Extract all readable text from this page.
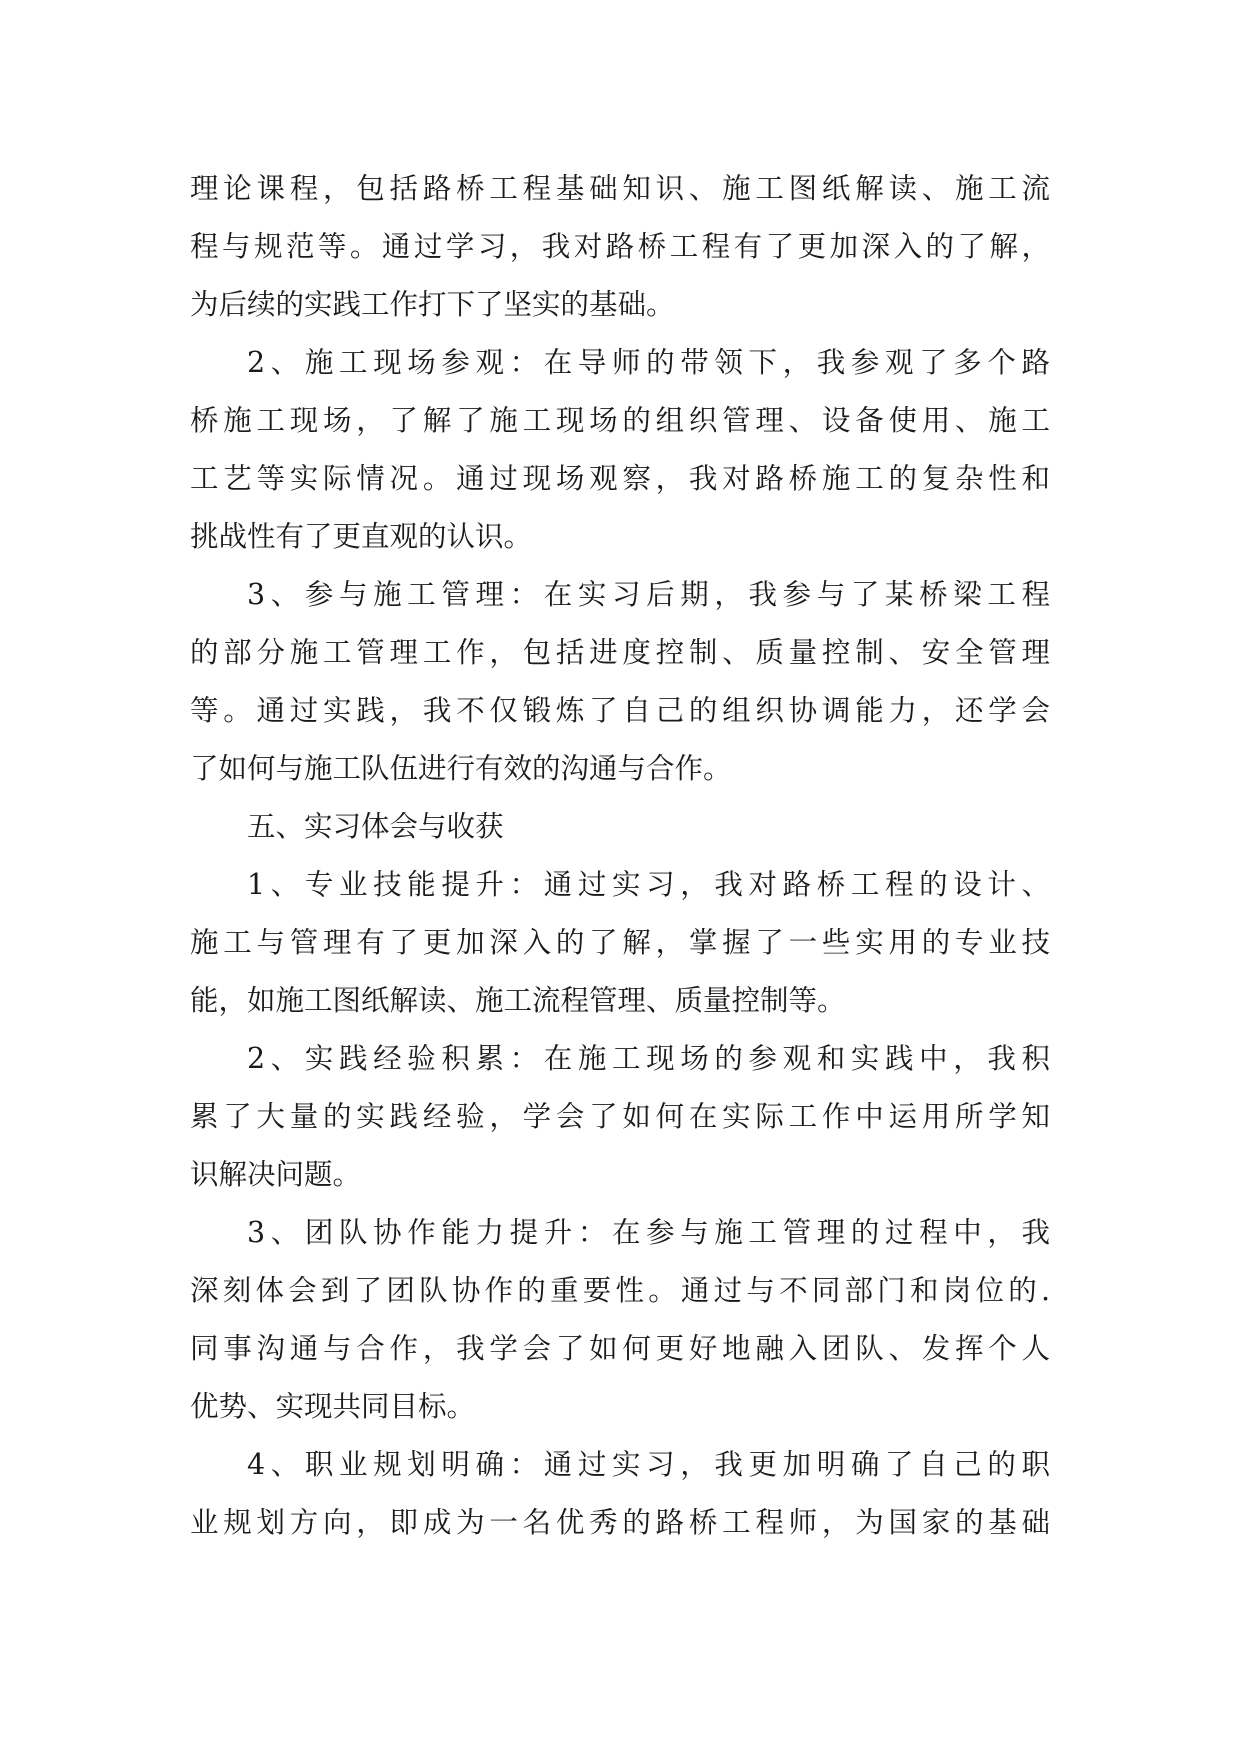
理论课程，包括路桥工程基础知识、施工图纸解读、施工流
程与规范等。通过学习，我对路桥工程有了更加深入的了解，
为后续的实践工作打下了坚实的基础。
2、施工现场参观：在导师的带领下，我参观了多个路
桥施工现场，了解了施工现场的组织管理、设备使用、施工
工艺等实际情况。通过现场观察，我对路桥施工的复杂性和
挑战性有了更直观的认识。
3、参与施工管理：在实习后期，我参与了某桥梁工程
的部分施工管理工作，包括进度控制、质量控制、安全管理
等。通过实践，我不仅锻炼了自己的组织协调能力，还学会
了如何与施工队伍进行有效的沟通与合作。
五、实习体会与收获
1、专业技能提升：通过实习，我对路桥工程的设计、
施工与管理有了更加深入的了解，掌握了一些实用的专业技
能，如施工图纸解读、施工流程管理、质量控制等。
2、实践经验积累：在施工现场的参观和实践中，我积
累了大量的实践经验，学会了如何在实际工作中运用所学知
识解决问题。
3、团队协作能力提升：在参与施工管理的过程中，我
深刻体会到了团队协作的重要性。通过与不同部门和岗位的.
同事沟通与合作，我学会了如何更好地融入团队、发挥个人
优势、实现共同目标。
4、职业规划明确：通过实习，我更加明确了自己的职
业规划方向，即成为一名优秀的路桥工程师，为国家的基础
